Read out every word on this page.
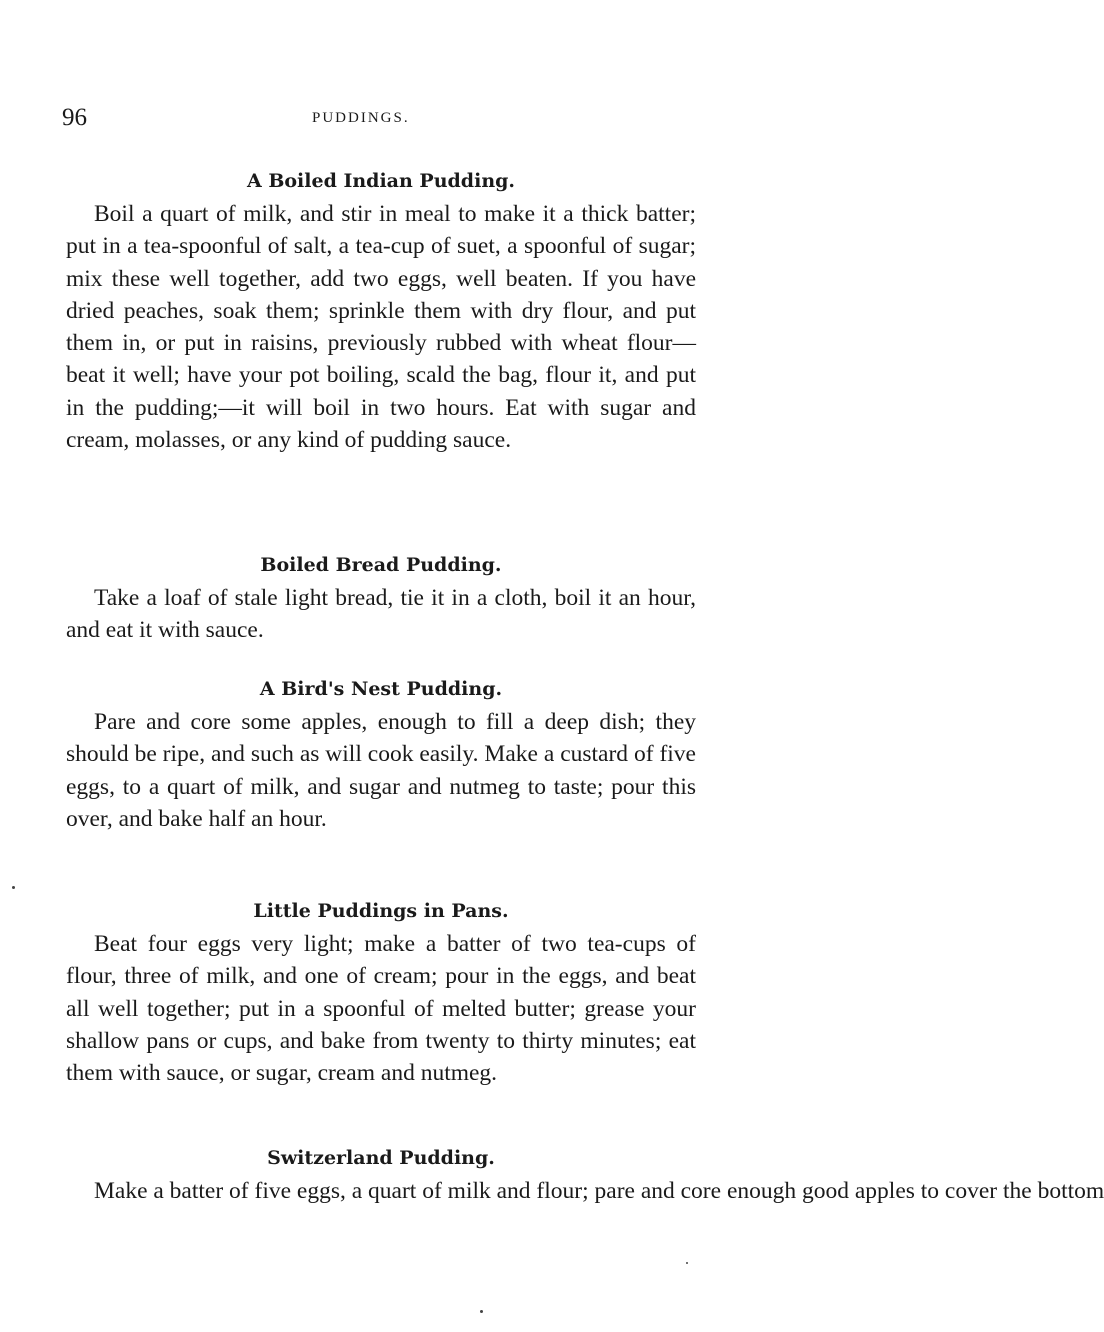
96	PUDDINGS.
A Boiled Indian Pudding.

Boil a quart of milk, and stir in meal to make it a thick batter; put in a tea-spoonful of salt, a tea-cup of suet, a spoonful of sugar; mix these well together, add two eggs, well beaten. If you have dried peaches, soak them; sprinkle them with dry flour, and put them in, or put in raisins, previously rubbed with wheat flour—beat it well; have your pot boiling, scald the bag, flour it, and put in the pudding;—it will boil in two hours. Eat with sugar and cream, molasses, or any kind of pudding sauce.

Boiled Bread Pudding.

Take a loaf of stale light bread, tie it in a cloth, boil it an hour, and eat it with sauce.

A Bird's Nest Pudding.

Pare and core some apples, enough to fill a deep dish; they should be ripe, and such as will cook easily. Make a custard of five eggs, to a quart of milk, and sugar and nutmeg to taste; pour this over, and bake half an hour.

Little Puddings in Pans.

Beat four eggs very light; make a batter of two tea-cups of flour, three of milk, and one of cream; pour in the eggs, and beat all well together; put in a spoonful of melted butter; grease your shallow pans or cups, and bake from twenty to thirty minutes; eat them with sauce, or sugar, cream and nutmeg.

Switzerland Pudding.

Make a batter of five eggs, a quart of milk and flour; pare and core enough good apples to cover the bottom
